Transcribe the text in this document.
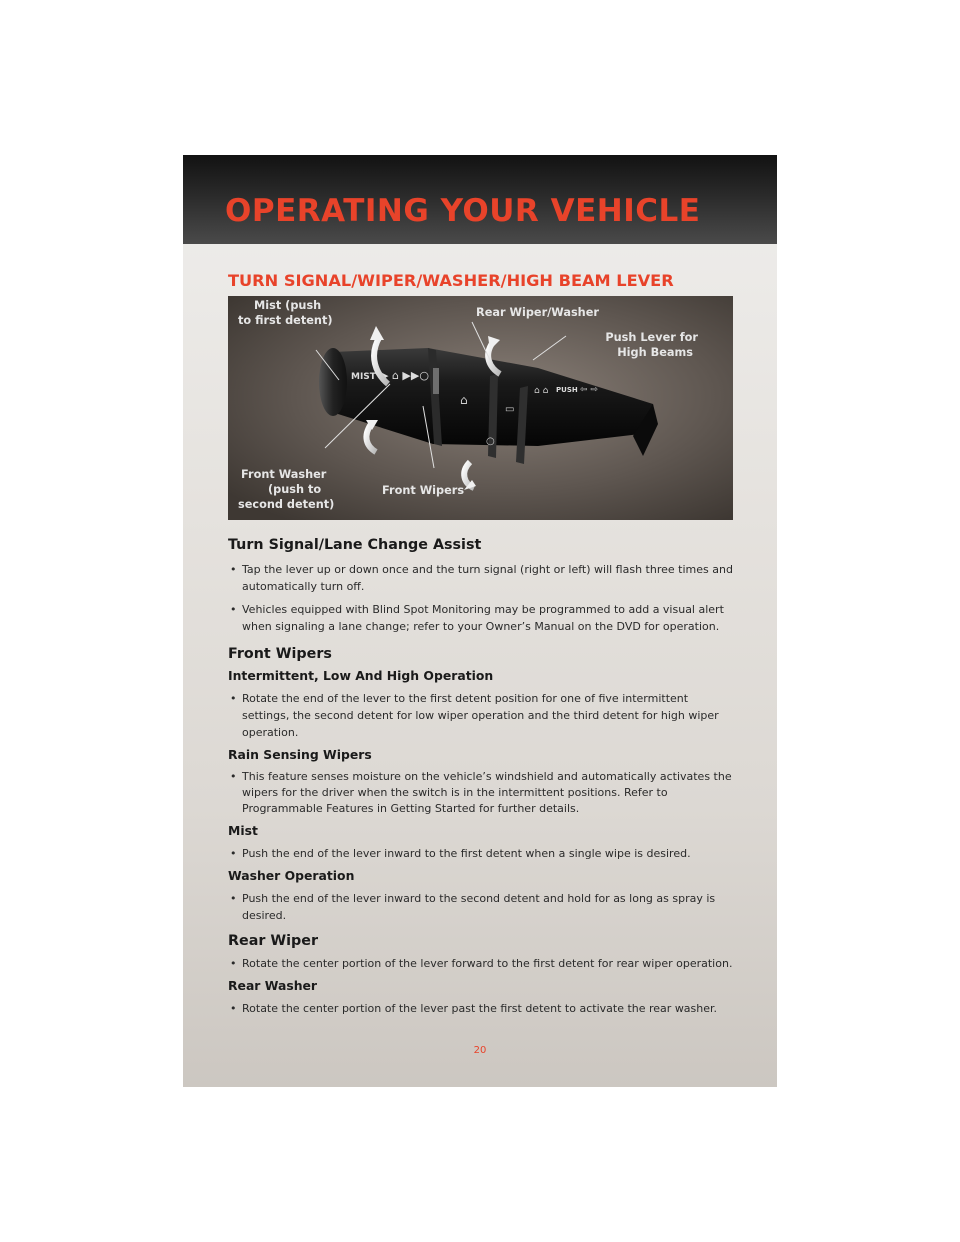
OPERATING YOUR VEHICLE
TURN SIGNAL/WIPER/WASHER/HIGH BEAM LEVER
MIST ▶ ⌂ ▶▶○
⌂
▭
○
⌂ ⌂ PUSH ⇦ ⇨
Mist (push
to first detent)
Rear Wiper/Washer
Push Lever for
High Beams
Front Washer
(push to
second detent)
Front Wipers
Turn Signal/Lane Change Assist
• Tap the lever up or down once and the turn signal (right or left) will flash three times and automatically turn off.
• Vehicles equipped with Blind Spot Monitoring may be programmed to add a visual alert when signaling a lane change; refer to your Owner’s Manual on the DVD for operation.
Front Wipers
Intermittent, Low And High Operation
• Rotate the end of the lever to the first detent position for one of five intermittent settings, the second detent for low wiper operation and the third detent for high wiper operation.
Rain Sensing Wipers
• This feature senses moisture on the vehicle’s windshield and automatically activates the wipers for the driver when the switch is in the intermittent positions. Refer to Programmable Features in Getting Started for further details.
Mist
• Push the end of the lever inward to the first detent when a single wipe is desired.
Washer Operation
• Push the end of the lever inward to the second detent and hold for as long as spray is desired.
Rear Wiper
• Rotate the center portion of the lever forward to the first detent for rear wiper operation.
Rear Washer
• Rotate the center portion of the lever past the first detent to activate the rear washer.
20
